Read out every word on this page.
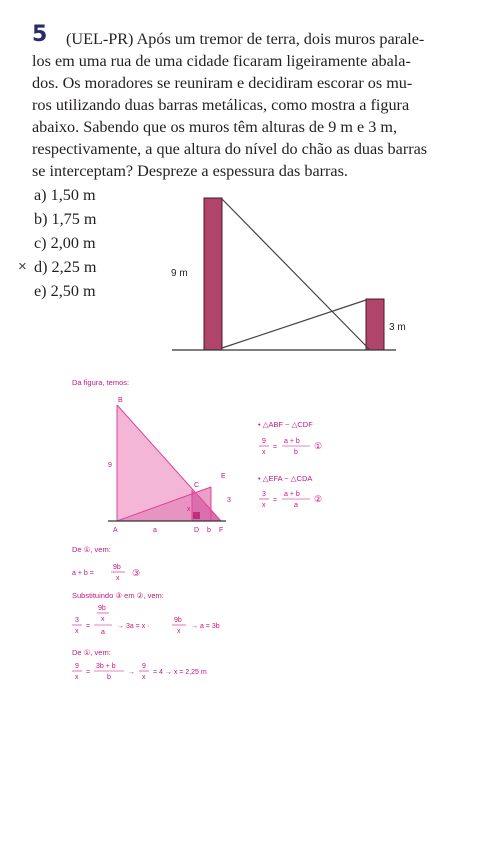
5 (UEL-PR) Após um tremor de terra, dois muros parale-
los em uma rua de uma cidade ficaram ligeiramente abala-
dos. Os moradores se reuniram e decidiram escorar os mu-
ros utilizando duas barras metálicas, como mostra a figura
abaixo. Sabendo que os muros têm alturas de 9 m e 3 m,
respectivamente, a que altura do nível do chão as duas barras
se interceptam? Despreze a espessura das barras.
a) 1,50 m
b) 1,75 m
c) 2,00 m
× d) 2,25 m
e) 2,50 m
9 m
3 m
Da figura, temos:
B
A
C
E
D	F
a	b
x
9
3
• △ABF ~ △CDF
9
x
=
a + b
b
①
• △EFA ~ △CDA
3
x
=
a + b
a
②
De ①, vem:
a + b =
9b
x
③
Substituindo ③ em ②, vem:
3
x
=
9b
x
a
→ 3a = x ·
9b
x
→ a = 3b
De ①, vem:
9
x
=
3b + b
b
→
9
x
= 4 → x = 2,25 m
